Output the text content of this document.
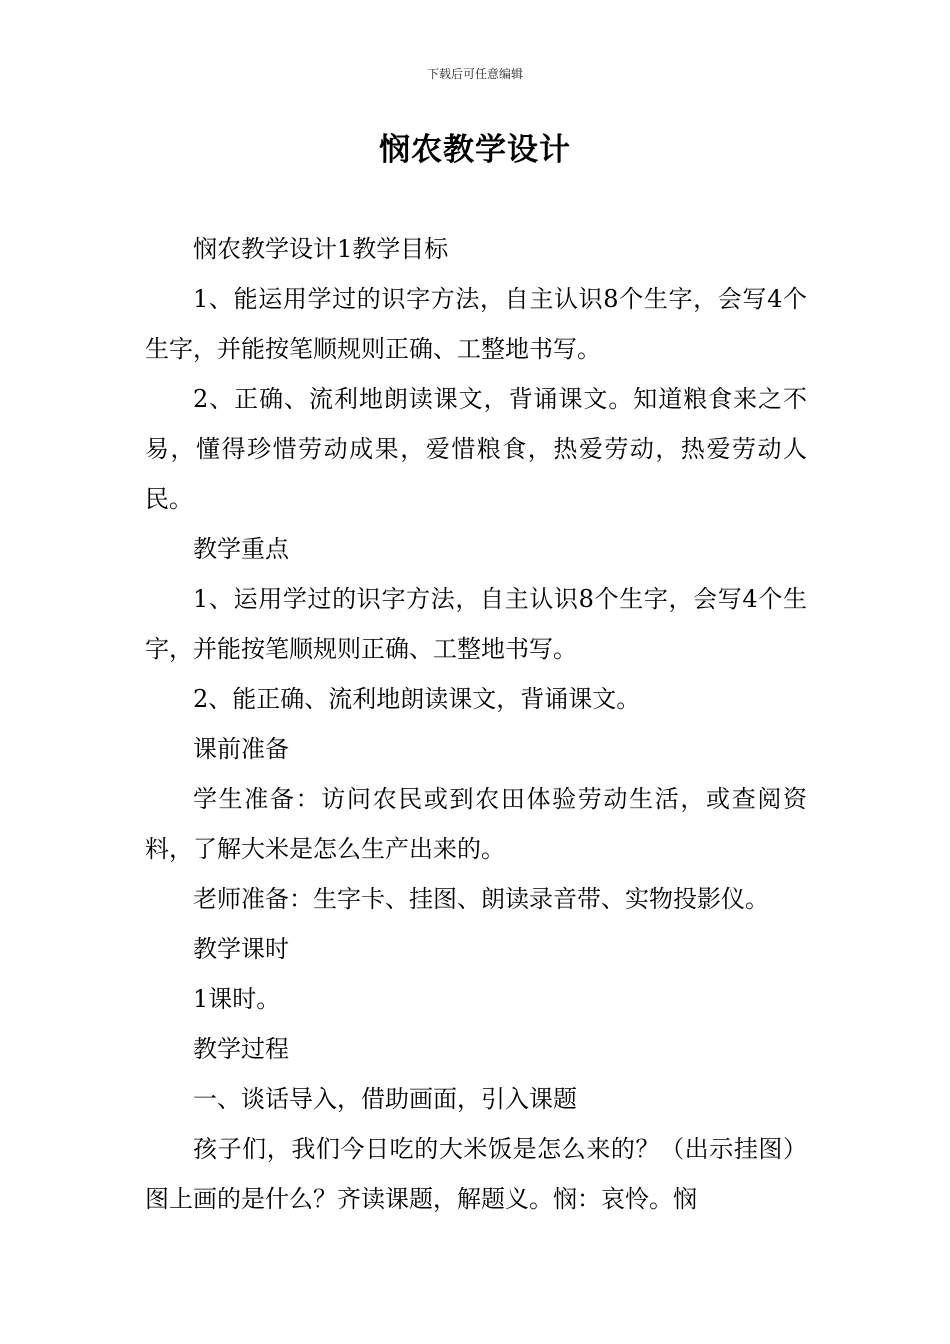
下载后可任意编辑
悯农教学设计

悯农教学设计1教学目标

1、能运用学过的识字方法，自主认识8个生字，会写4个生字，并能按笔顺规则正确、工整地书写。

2、正确、流利地朗读课文，背诵课文。知道粮食来之不易，懂得珍惜劳动成果，爱惜粮食，热爱劳动，热爱劳动人民。

教学重点

1、运用学过的识字方法，自主认识8个生字，会写4个生字，并能按笔顺规则正确、工整地书写。

2、能正确、流利地朗读课文，背诵课文。

课前准备

学生准备：访问农民或到农田体验劳动生活，或查阅资料，了解大米是怎么生产出来的。

老师准备：生字卡、挂图、朗读录音带、实物投影仪。

教学课时

1课时。

教学过程

一、谈话导入，借助画面，引入课题

孩子们，我们今日吃的大米饭是怎么来的？（出示挂图）图上画的是什么？齐读课题，解题义。悯：哀怜。悯
